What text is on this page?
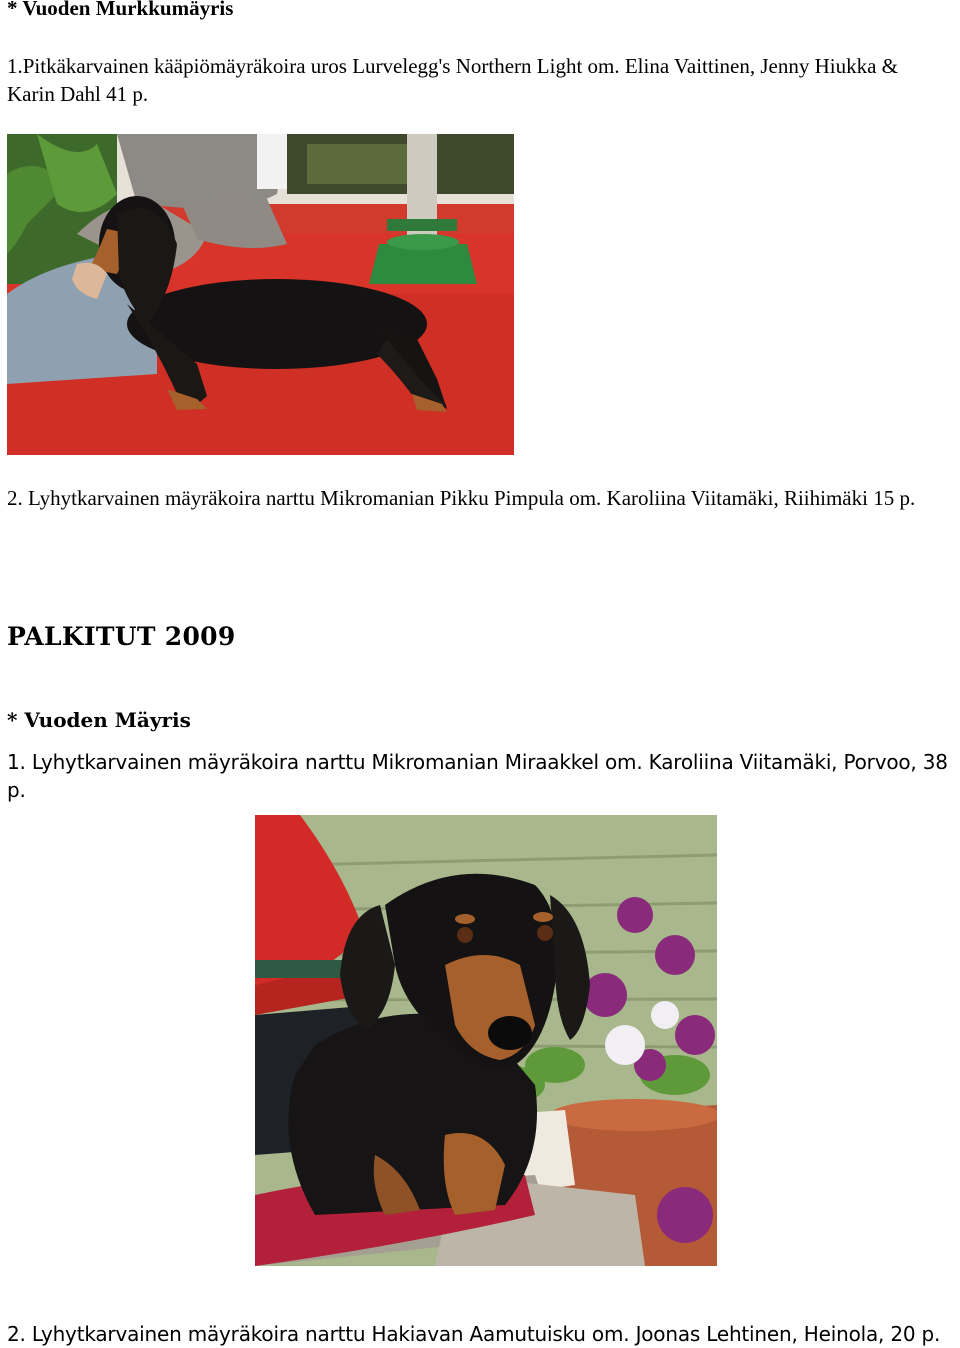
* Vuoden Murkkumäyris

1.Pitkäkarvainen kääpiömäyräkoira uros Lurvelegg's Northern Light om. Elina Vaittinen, Jenny Hiukka & Karin Dahl 41 p.

2. Lyhytkarvainen mäyräkoira narttu Mikromanian Pikku Pimpula om. Karoliina Viitamäki, Riihimäki 15 p.

PALKITUT 2009

* Vuoden Mäyris

1. Lyhytkarvainen mäyräkoira narttu Mikromanian Miraakkel om. Karoliina Viitamäki, Porvoo, 38 p.

2. Lyhytkarvainen mäyräkoira narttu Hakiavan Aamutuisku om. Joonas Lehtinen, Heinola, 20 p.
